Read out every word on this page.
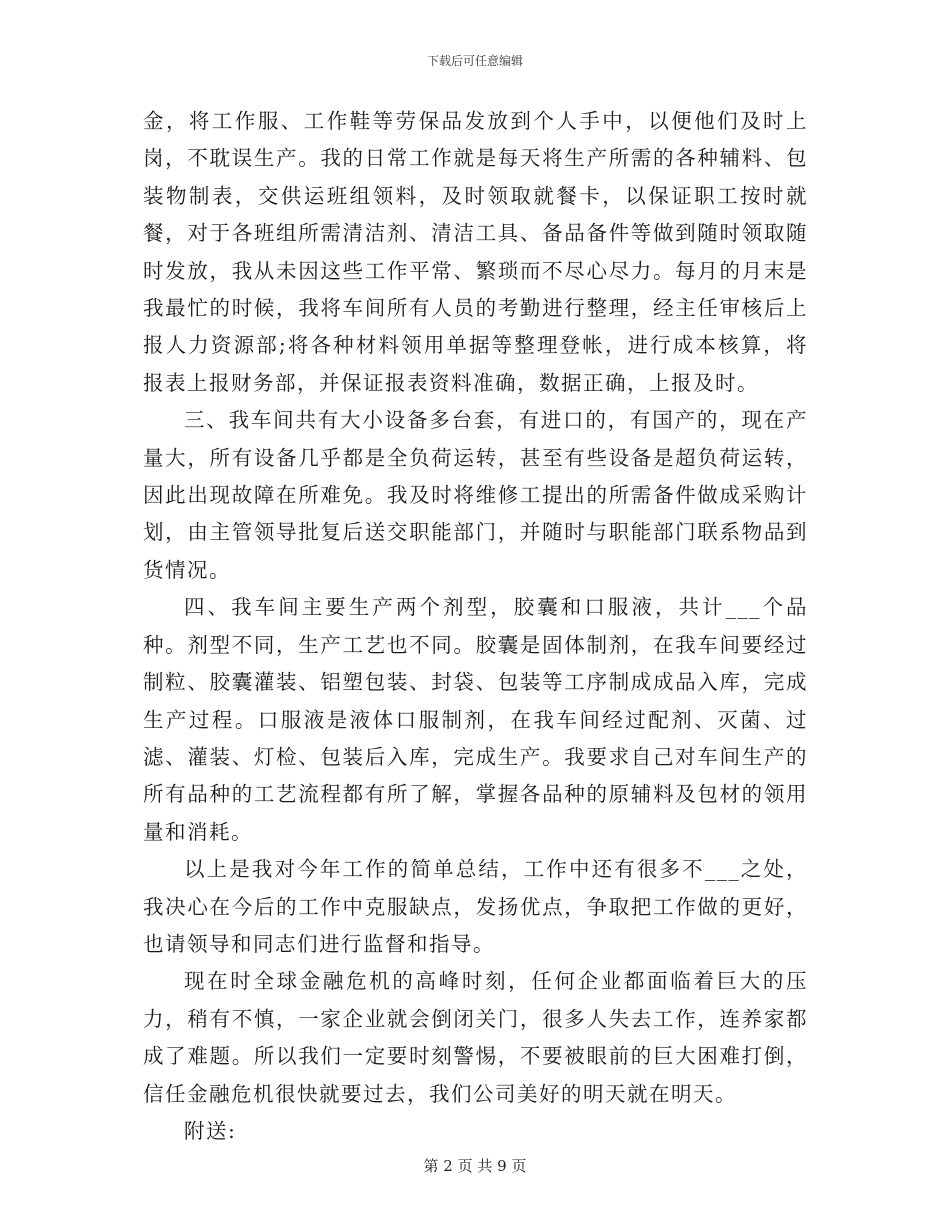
下载后可任意编辑

金，将工作服、工作鞋等劳保品发放到个人手中，以便他们及时上岗，不耽误生产。我的日常工作就是每天将生产所需的各种辅料、包装物制表，交供运班组领料，及时领取就餐卡，以保证职工按时就餐，对于各班组所需清洁剂、清洁工具、备品备件等做到随时领取随时发放，我从未因这些工作平常、繁琐而不尽心尽力。每月的月末是我最忙的时候，我将车间所有人员的考勤进行整理，经主任审核后上报人力资源部;将各种材料领用单据等整理登帐，进行成本核算，将报表上报财务部，并保证报表资料准确，数据正确，上报及时。

三、我车间共有大小设备多台套，有进口的，有国产的，现在产量大，所有设备几乎都是全负荷运转，甚至有些设备是超负荷运转，因此出现故障在所难免。我及时将维修工提出的所需备件做成采购计划，由主管领导批复后送交职能部门，并随时与职能部门联系物品到货情况。

四、我车间主要生产两个剂型，胶囊和口服液，共计___个品种。剂型不同，生产工艺也不同。胶囊是固体制剂，在我车间要经过制粒、胶囊灌装、铝塑包装、封袋、包装等工序制成成品入库，完成生产过程。口服液是液体口服制剂，在我车间经过配剂、灭菌、过滤、灌装、灯检、包装后入库，完成生产。我要求自己对车间生产的所有品种的工艺流程都有所了解，掌握各品种的原辅料及包材的领用量和消耗。

以上是我对今年工作的简单总结，工作中还有很多不___之处，我决心在今后的工作中克服缺点，发扬优点，争取把工作做的更好，也请领导和同志们进行监督和指导。

现在时全球金融危机的高峰时刻，任何企业都面临着巨大的压力，稍有不慎，一家企业就会倒闭关门，很多人失去工作，连养家都成了难题。所以我们一定要时刻警惕，不要被眼前的巨大困难打倒，信任金融危机很快就要过去，我们公司美好的明天就在明天。

附送:

第 2 页 共 9 页
